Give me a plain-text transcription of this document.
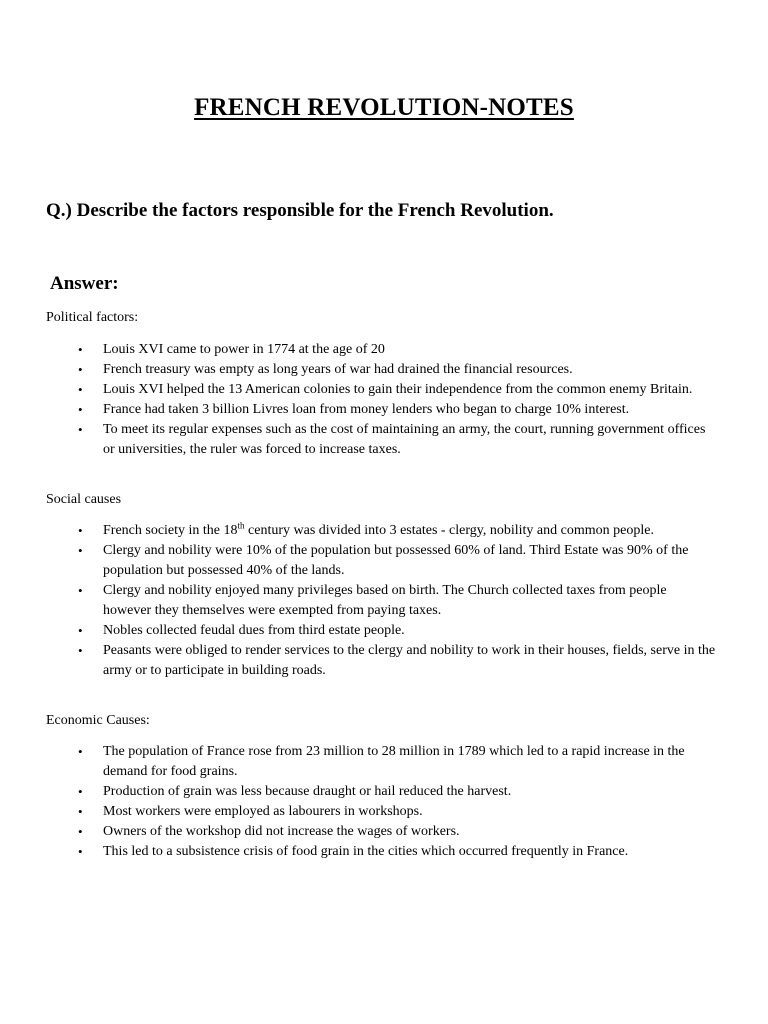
FRENCH REVOLUTION-NOTES
Q.) Describe the factors responsible for the French Revolution.
Answer:
Political factors:
• Louis XVI came to power in 1774 at the age of 20
• French treasury was empty as long years of war had drained the financial resources.
• Louis XVI helped the 13 American colonies to gain their independence from the common enemy Britain.
• France had taken 3 billion Livres loan from money lenders who began to charge 10% interest.
• To meet its regular expenses such as the cost of maintaining an army, the court, running government offices or universities, the ruler was forced to increase taxes.
Social causes
• French society in the 18th century was divided into 3 estates - clergy, nobility and common people.
• Clergy and nobility were 10% of the population but possessed 60% of land. Third Estate was 90% of the population but possessed 40% of the lands.
• Clergy and nobility enjoyed many privileges based on birth. The Church collected taxes from people however they themselves were exempted from paying taxes.
• Nobles collected feudal dues from third estate people.
• Peasants were obliged to render services to the clergy and nobility to work in their houses, fields, serve in the army or to participate in building roads.
Economic Causes:
• The population of France rose from 23 million to 28 million in 1789 which led to a rapid increase in the demand for food grains.
• Production of grain was less because draught or hail reduced the harvest.
• Most workers were employed as labourers in workshops.
• Owners of the workshop did not increase the wages of workers.
• This led to a subsistence crisis of food grain in the cities which occurred frequently in France.
